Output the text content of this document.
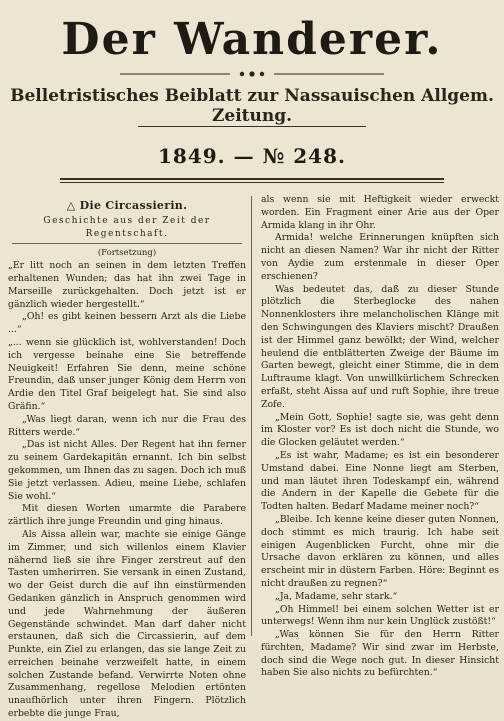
Der Wanderer.
Belletristisches Beiblatt zur Nassauischen Allgem. Zeitung.
1849. — № 248.
△ Die Circassierin.
Geschichte aus der Zeit der Regentschaft.
(Fortsetzung)

„Er litt noch an seinen in dem letzten Treffen erhaltenen Wunden; das hat ihn zwei Tage in Marseille zurückgehalten. Doch jetzt ist er gänzlich wieder hergestellt.“

„Oh! es gibt keinen bessern Arzt als die Liebe ...“

„... wenn sie glücklich ist, wohlverstanden! Doch ich vergesse beinahe eine Sie betreffende Neuigkeit! Erfahren Sie denn, meine schöne Freundin, daß unser junger König dem Herrn von Ardie den Titel Graf beigelegt hat. Sie sind also Gräfin.“

„Was liegt daran, wenn ich nur die Frau des Ritters werde.“

„Das ist nicht Alles. Der Regent hat ihn ferner zu seinem Gardekapitän ernannt. Ich bin selbst gekommen, um Ihnen das zu sagen. Doch ich muß Sie jetzt verlassen. Adieu, meine Liebe, schlafen Sie wohl.“

Mit diesen Worten umarmte die Parabere zärtlich ihre junge Freundin und ging hinaus.

Als Aissa allein war, machte sie einige Gänge im Zimmer, und sich willenlos einem Klavier nähernd ließ sie ihre Finger zerstreut auf den Tasten umherirren. Sie versank in einen Zustand, wo der Geist durch die auf ihn einstürmenden Gedanken gänzlich in Anspruch genommen wird und jede Wahrnehmung der äußeren Gegenstände schwindet. Man darf daher nicht erstaunen, daß sich die Circassierin, auf dem Punkte, ein Ziel zu erlangen, das sie lange Zeit zu erreichen beinahe verzweifelt hatte, in einem solchen Zustande befand. Verwirrte Noten ohne Zusammenhang, regellose Melodien ertönten unaufhörlich unter ihren Fingern. Plötzlich erbebte die junge Frau,

als wenn sie mit Heftigkeit wieder erweckt worden. Ein Fragment einer Arie aus der Oper Armida klang in ihr Ohr.

Armida! welche Erinnerungen knüpften sich nicht an diesen Namen? War ihr nicht der Ritter von Aydie zum erstenmale in dieser Oper erschienen?

Was bedeutet das, daß zu dieser Stunde plötzlich die Sterbeglocke des nahen Nonnenklosters ihre melancholischen Klänge mit den Schwingungen des Klaviers mischt? Draußen ist der Himmel ganz bewölkt; der Wind, welcher heulend die entblätterten Zweige der Bäume im Garten bewegt, gleicht einer Stimme, die in dem Luftraume klagt. Von unwillkürlichem Schrecken erfaßt, steht Aissa auf und ruft Sophie, ihre treue Zofe.

„Mein Gott, Sophie! sagte sie, was geht denn im Kloster vor? Es ist doch nicht die Stunde, wo die Glocken geläutet werden.“

„Es ist wahr, Madame; es ist ein besonderer Umstand dabei. Eine Nonne liegt am Sterben, und man läutet ihren Todeskampf ein, während die Andern in der Kapelle die Gebete für die Todten halten. Bedarf Madame meiner noch?“

„Bleibe. Ich kenne keine dieser guten Nonnen, doch stimmt es mich traurig. Ich habe seit einigen Augenblicken Furcht, ohne mir die Ursache davon erklären zu können, und alles erscheint mir in düstern Farben. Höre: Beginnt es nicht draußen zu regnen?“

„Ja, Madame, sehr stark.“

„Oh Himmel! bei einem solchen Wetter ist er unterwegs! Wenn ihm nur kein Unglück zustößt!“

„Was können Sie für den Herrn Ritter fürchten, Madame? Wir sind zwar im Herbste, doch sind die Wege noch gut. In dieser Hinsicht haben Sie also nichts zu befürchten.“
